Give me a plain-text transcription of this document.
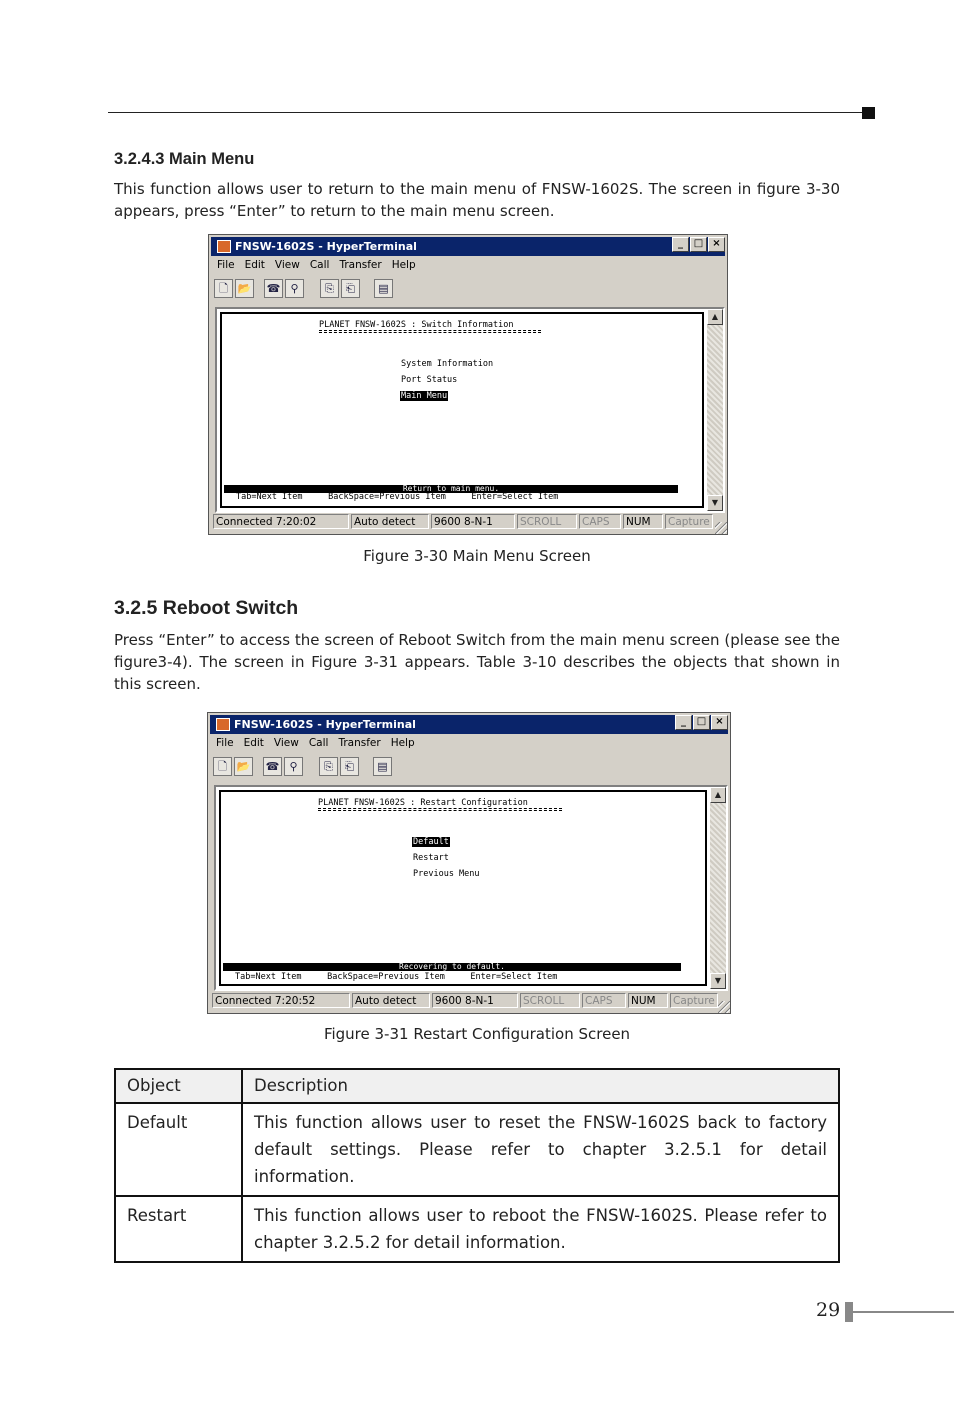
3.2.4.3 Main Menu
This function allows user to return to the main menu of FNSW-1602S. The screen in figure 3-30 appears, press “Enter” to return to the main menu screen.
FNSW-1602S - HyperTerminal	_ □ ×
File Edit View Call Transfer Help
🗋 📂 ☎ ⚲	⎘	⎗	▤
PLANET FNSW-1602S : Switch Information
System Information
Port Status
Main Menu
Return to main menu.
Tab=Next Item     BackSpace=Previous Item     Enter=Select Item
▲
▼
Connected 7:20:02	Auto detect	9600 8-N-1	SCROLL	CAPS	NUM	Capture
Figure 3-30 Main Menu Screen
3.2.5 Reboot Switch
Press “Enter” to access the screen of Reboot Switch from the main menu screen (please see the figure3-4). The screen in Figure 3-31 appears. Table 3-10 describes the objects that shown in this screen.
FNSW-1602S - HyperTerminal	_ □ ×
File Edit View Call Transfer Help
🗋 📂 ☎ ⚲	⎘	⎗	▤
PLANET FNSW-1602S : Restart Configuration
Default
Restart
Previous Menu
Recovering to default.
Tab=Next Item     BackSpace=Previous Item     Enter=Select Item
▲
▼
Connected 7:20:52	Auto detect	9600 8-N-1	SCROLL	CAPS	NUM	Capture
Figure 3-31 Restart Configuration Screen
Object	Description
Default	This function allows user to reset the FNSW-1602S back to factory default settings. Please refer to chapter 3.2.5.1 for detail information.
Restart	This function allows user to reboot the FNSW-1602S. Please refer to chapter 3.2.5.2 for detail information.
29
